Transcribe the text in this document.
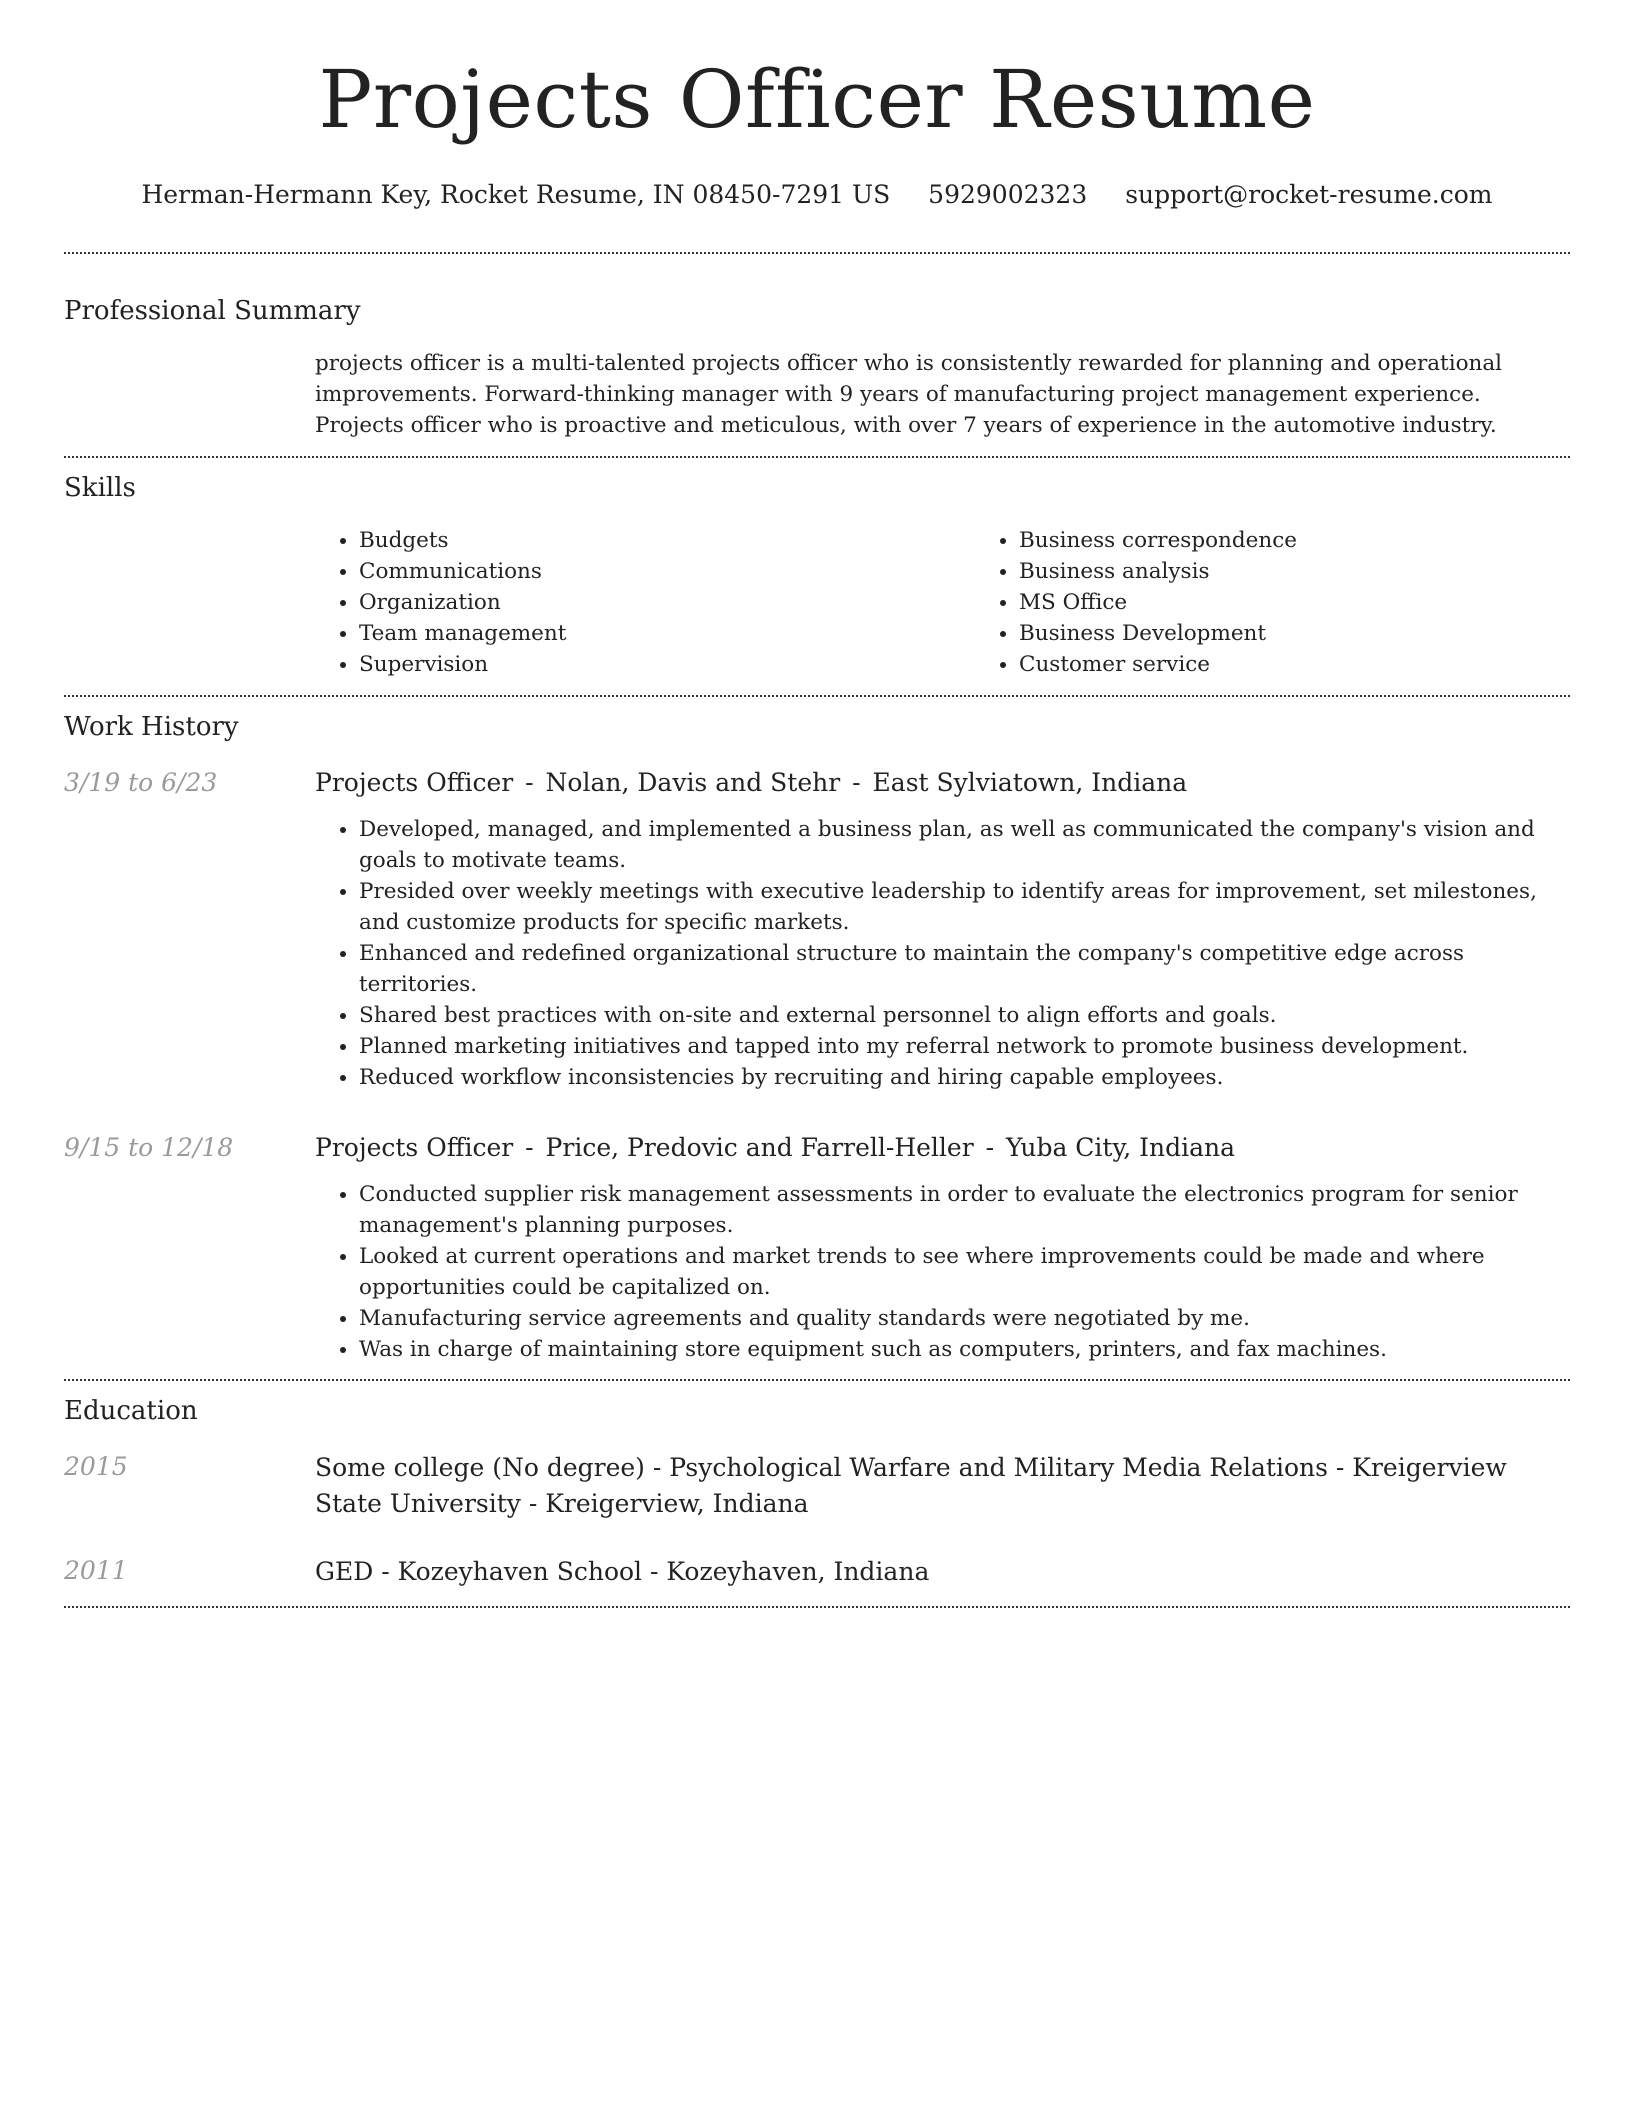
Projects Officer Resume
Herman-Hermann Key, Rocket Resume, IN 08450-7291 US 5929002323 support@rocket-resume.com
Professional Summary
projects officer is a multi-talented projects officer who is consistently rewarded for planning and operational improvements. Forward-thinking manager with 9 years of manufacturing project management experience. Projects officer who is proactive and meticulous, with over 7 years of experience in the automotive industry.
Skills
• Budgets
• Communications
• Organization
• Team management
• Supervision
• Business correspondence
• Business analysis
• MS Office
• Business Development
• Customer service
Work History
3/19 to 6/23	Projects Officer - Nolan, Davis and Stehr - East Sylviatown, Indiana
• Developed, managed, and implemented a business plan, as well as communicated the company's vision and goals to motivate teams.
• Presided over weekly meetings with executive leadership to identify areas for improvement, set milestones, and customize products for specific markets.
• Enhanced and redefined organizational structure to maintain the company's competitive edge across territories.
• Shared best practices with on-site and external personnel to align efforts and goals.
• Planned marketing initiatives and tapped into my referral network to promote business development.
• Reduced workflow inconsistencies by recruiting and hiring capable employees.
9/15 to 12/18	Projects Officer - Price, Predovic and Farrell-Heller - Yuba City, Indiana
• Conducted supplier risk management assessments in order to evaluate the electronics program for senior management's planning purposes.
• Looked at current operations and market trends to see where improvements could be made and where opportunities could be capitalized on.
• Manufacturing service agreements and quality standards were negotiated by me.
• Was in charge of maintaining store equipment such as computers, printers, and fax machines.
Education
2015	Some college (No degree) - Psychological Warfare and Military Media Relations - Kreigerview State University - Kreigerview, Indiana
2011	GED - Kozeyhaven School - Kozeyhaven, Indiana
